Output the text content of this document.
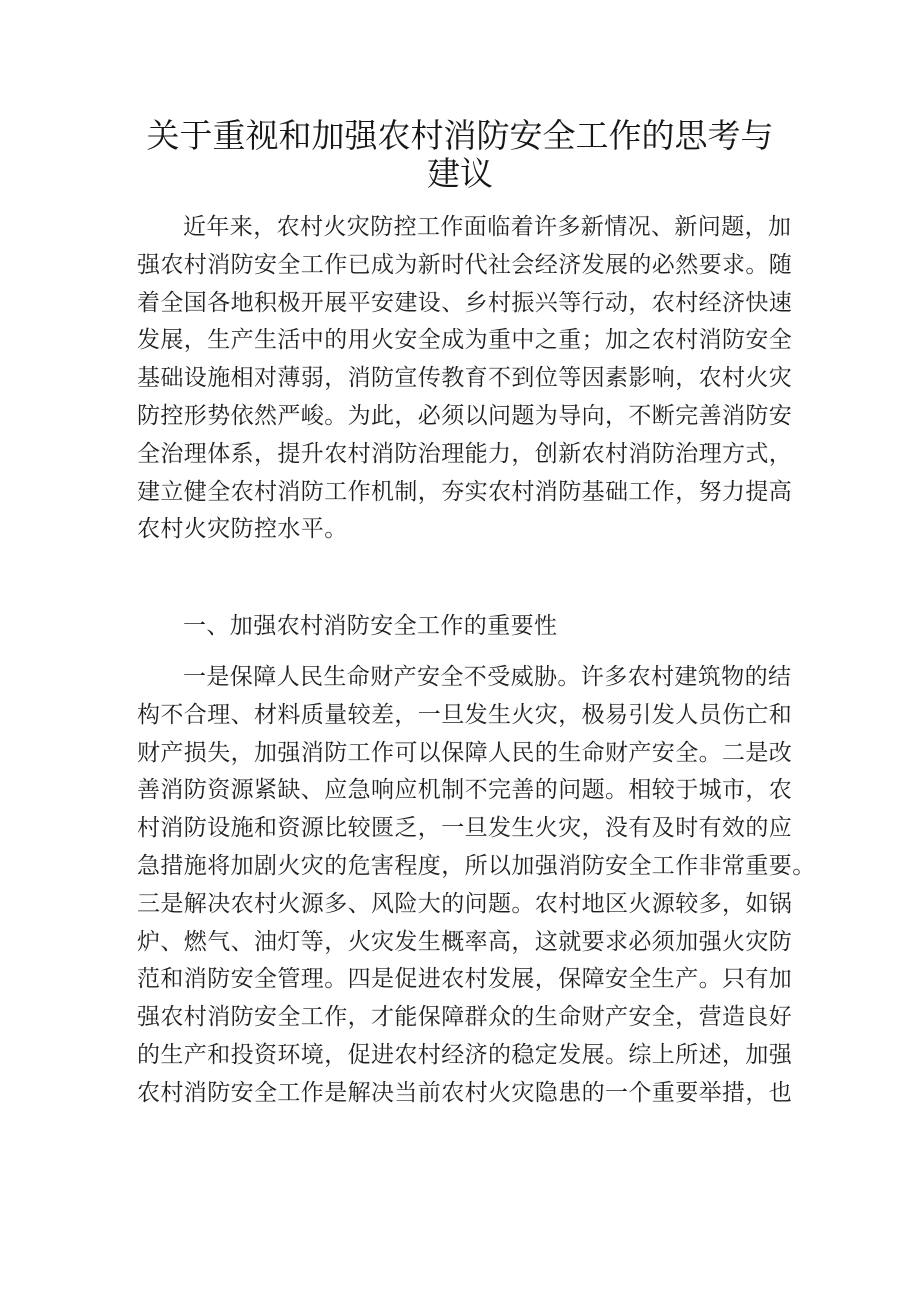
关于重视和加强农村消防安全工作的思考与
建议
近年来，农村火灾防控工作面临着许多新情况、新问题，加
强农村消防安全工作已成为新时代社会经济发展的必然要求。随
着全国各地积极开展平安建设、乡村振兴等行动，农村经济快速
发展，生产生活中的用火安全成为重中之重；加之农村消防安全
基础设施相对薄弱，消防宣传教育不到位等因素影响，农村火灾
防控形势依然严峻。为此，必须以问题为导向，不断完善消防安
全治理体系，提升农村消防治理能力，创新农村消防治理方式，
建立健全农村消防工作机制，夯实农村消防基础工作，努力提高
农村火灾防控水平。
一、加强农村消防安全工作的重要性
一是保障人民生命财产安全不受威胁。许多农村建筑物的结
构不合理、材料质量较差，一旦发生火灾，极易引发人员伤亡和
财产损失，加强消防工作可以保障人民的生命财产安全。二是改
善消防资源紧缺、应急响应机制不完善的问题。相较于城市，农
村消防设施和资源比较匮乏，一旦发生火灾，没有及时有效的应
急措施将加剧火灾的危害程度，所以加强消防安全工作非常重要。
三是解决农村火源多、风险大的问题。农村地区火源较多，如锅
炉、燃气、油灯等，火灾发生概率高，这就要求必须加强火灾防
范和消防安全管理。四是促进农村发展，保障安全生产。只有加
强农村消防安全工作，才能保障群众的生命财产安全，营造良好
的生产和投资环境，促进农村经济的稳定发展。综上所述，加强
农村消防安全工作是解决当前农村火灾隐患的一个重要举措，也
